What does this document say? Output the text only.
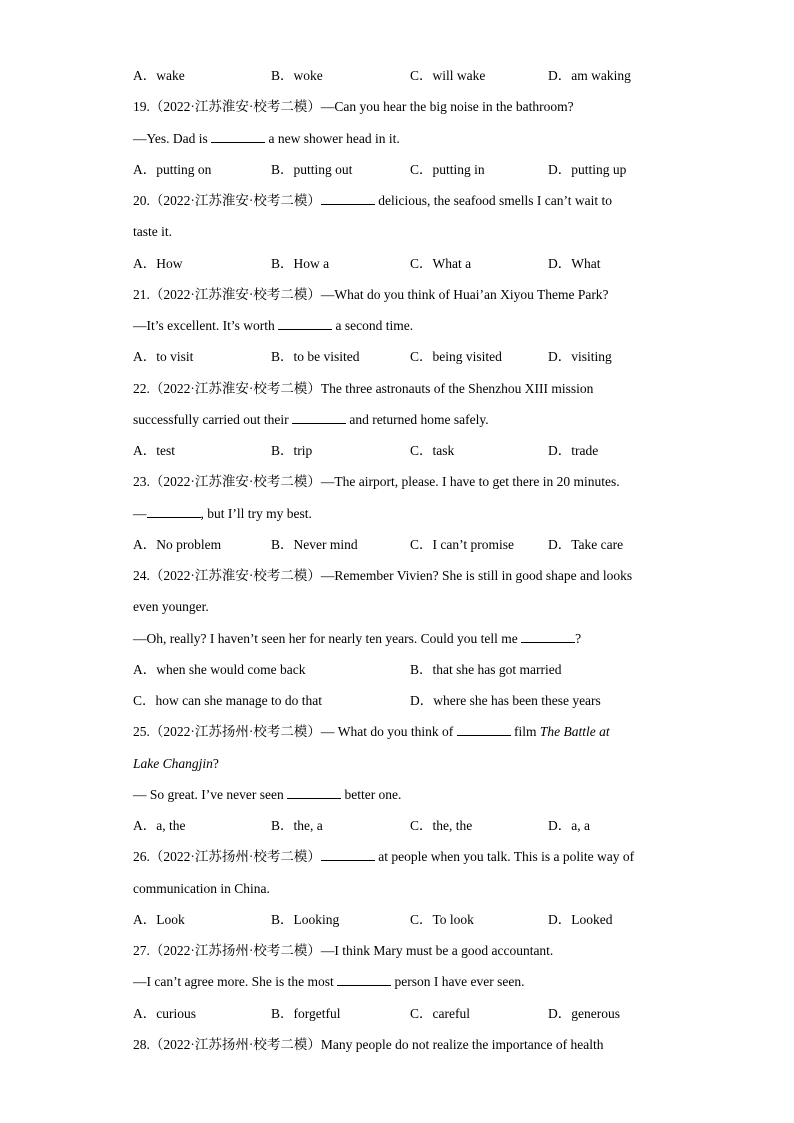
A．wake	B．woke	C．will wake	D．am waking
19.（2022·江苏淮安·校考二模）—Can you hear the big noise in the bathroom?
—Yes. Dad is	a new shower head in it.
A．putting on	B．putting out	C．putting in	D．putting up
20.（2022·江苏淮安·校考二模）	delicious, the seafood smells I can’t wait to
taste it.
A．How	B．How a	C．What a	D．What
21.（2022·江苏淮安·校考二模）—What do you think of Huai’an Xiyou Theme Park?
—It’s excellent. It’s worth	a second time.
A．to visit	B．to be visited	C．being visited	D．visiting
22.（2022·江苏淮安·校考二模）The three astronauts of the Shenzhou XIII mission
successfully carried out their	and returned home safely.
A．test	B．trip	C．task	D．trade
23.（2022·江苏淮安·校考二模）—The airport, please. I have to get there in 20 minutes.
—	, but I’ll try my best.
A．No problem	B．Never mind	C．I can’t promise	D．Take care
24.（2022·江苏淮安·校考二模）—Remember Vivien? She is still in good shape and looks
even younger.
—Oh, really? I haven’t seen her for nearly ten years. Could you tell me	?
A．when she would come back	B．that she has got married
C．how can she manage to do that	D．where she has been these years
25.（2022·江苏扬州·校考二模）— What do you think of	film The Battle at
Lake Changjin?
— So great. I’ve never seen	better one.
A．a, the	B．the, a	C．the, the	D．a, a
26.（2022·江苏扬州·校考二模）	at people when you talk. This is a polite way of
communication in China.
A．Look	B．Looking	C．To look	D．Looked
27.（2022·江苏扬州·校考二模）—I think Mary must be a good accountant.
—I can’t agree more. She is the most	person I have ever seen.
A．curious	B．forgetful	C．careful	D．generous
28.（2022·江苏扬州·校考二模）Many people do not realize the importance of health
